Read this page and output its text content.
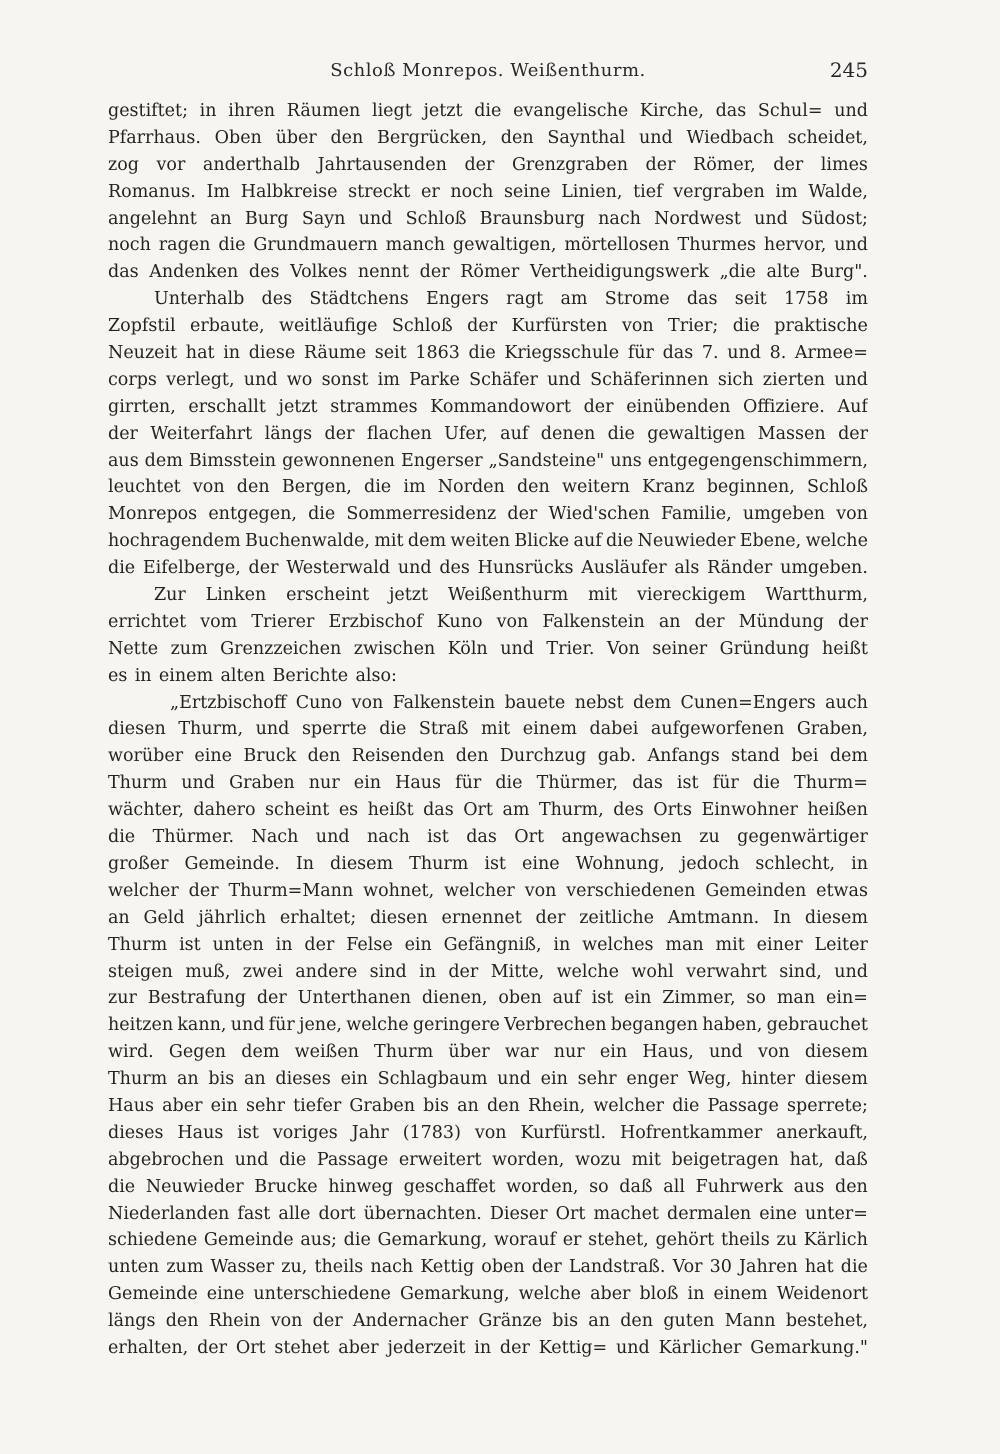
Schloß Monrepos. Weißenthurm.	245
gestiftet; in ihren Räumen liegt jetzt die evangelische Kirche, das Schul= und
Pfarrhaus. Oben über den Bergrücken, den Saynthal und Wiedbach scheidet,
zog vor anderthalb Jahrtausenden der Grenzgraben der Römer, der limes
Romanus. Im Halbkreise streckt er noch seine Linien, tief vergraben im Walde,
angelehnt an Burg Sayn und Schloß Braunsburg nach Nordwest und Südost;
noch ragen die Grundmauern manch gewaltigen, mörtellosen Thurmes hervor, und
das Andenken des Volkes nennt der Römer Vertheidigungswerk „die alte Burg".
Unterhalb des Städtchens Engers ragt am Strome das seit 1758 im
Zopfstil erbaute, weitläufige Schloß der Kurfürsten von Trier; die praktische
Neuzeit hat in diese Räume seit 1863 die Kriegsschule für das 7. und 8. Armee=
corps verlegt, und wo sonst im Parke Schäfer und Schäferinnen sich zierten und
girrten, erschallt jetzt strammes Kommandowort der einübenden Offiziere. Auf
der Weiterfahrt längs der flachen Ufer, auf denen die gewaltigen Massen der
aus dem Bimsstein gewonnenen Engerser „Sandsteine" uns entgegengenschimmern,
leuchtet von den Bergen, die im Norden den weitern Kranz beginnen, Schloß
Monrepos entgegen, die Sommerresidenz der Wied'schen Familie, umgeben von
hochragendem Buchenwalde, mit dem weiten Blicke auf die Neuwieder Ebene, welche
die Eifelberge, der Westerwald und des Hunsrücks Ausläufer als Ränder umgeben.
Zur Linken erscheint jetzt Weißenthurm mit viereckigem Wartthurm,
errichtet vom Trierer Erzbischof Kuno von Falkenstein an der Mündung der
Nette zum Grenzzeichen zwischen Köln und Trier. Von seiner Gründung heißt
es in einem alten Berichte also:
„Ertzbischoff Cuno von Falkenstein bauete nebst dem Cunen=Engers auch
diesen Thurm, und sperrte die Straß mit einem dabei aufgeworfenen Graben,
worüber eine Bruck den Reisenden den Durchzug gab. Anfangs stand bei dem
Thurm und Graben nur ein Haus für die Thürmer, das ist für die Thurm=
wächter, dahero scheint es heißt das Ort am Thurm, des Orts Einwohner heißen
die Thürmer. Nach und nach ist das Ort angewachsen zu gegenwärtiger
großer Gemeinde. In diesem Thurm ist eine Wohnung, jedoch schlecht, in
welcher der Thurm=Mann wohnet, welcher von verschiedenen Gemeinden etwas
an Geld jährlich erhaltet; diesen ernennet der zeitliche Amtmann. In diesem
Thurm ist unten in der Felse ein Gefängniß, in welches man mit einer Leiter
steigen muß, zwei andere sind in der Mitte, welche wohl verwahrt sind, und
zur Bestrafung der Unterthanen dienen, oben auf ist ein Zimmer, so man ein=
heitzen kann, und für jene, welche geringere Verbrechen begangen haben, gebrauchet
wird. Gegen dem weißen Thurm über war nur ein Haus, und von diesem
Thurm an bis an dieses ein Schlagbaum und ein sehr enger Weg, hinter diesem
Haus aber ein sehr tiefer Graben bis an den Rhein, welcher die Passage sperrete;
dieses Haus ist voriges Jahr (1783) von Kurfürstl. Hofrentkammer anerkauft,
abgebrochen und die Passage erweitert worden, wozu mit beigetragen hat, daß
die Neuwieder Brucke hinweg geschaffet worden, so daß all Fuhrwerk aus den
Niederlanden fast alle dort übernachten. Dieser Ort machet dermalen eine unter=
schiedene Gemeinde aus; die Gemarkung, worauf er stehet, gehört theils zu Kärlich
unten zum Wasser zu, theils nach Kettig oben der Landstraß. Vor 30 Jahren hat die
Gemeinde eine unterschiedene Gemarkung, welche aber bloß in einem Weidenort
längs den Rhein von der Andernacher Gränze bis an den guten Mann bestehet,
erhalten, der Ort stehet aber jederzeit in der Kettig= und Kärlicher Gemarkung."
